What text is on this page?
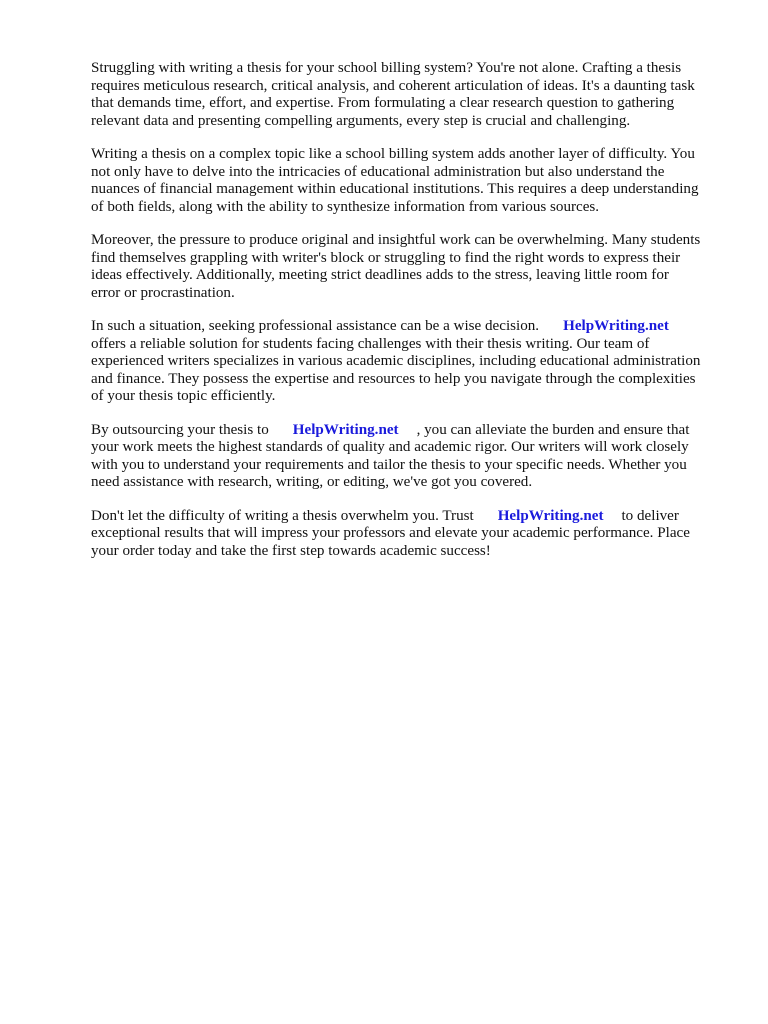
Struggling with writing a thesis for your school billing system? You're not alone. Crafting a thesis
requires meticulous research, critical analysis, and coherent articulation of ideas. It's a daunting task
that demands time, effort, and expertise. From formulating a clear research question to gathering
relevant data and presenting compelling arguments, every step is crucial and challenging.
Writing a thesis on a complex topic like a school billing system adds another layer of difficulty. You
not only have to delve into the intricacies of educational administration but also understand the
nuances of financial management within educational institutions. This requires a deep understanding
of both fields, along with the ability to synthesize information from various sources.
Moreover, the pressure to produce original and insightful work can be overwhelming. Many students
find themselves grappling with writer's block or struggling to find the right words to express their
ideas effectively. Additionally, meeting strict deadlines adds to the stress, leaving little room for
error or procrastination.
In such a situation, seeking professional assistance can be a wise decision. HelpWriting.net
offers a reliable solution for students facing challenges with their thesis writing. Our team of
experienced writers specializes in various academic disciplines, including educational administration
and finance. They possess the expertise and resources to help you navigate through the complexities
of your thesis topic efficiently.
By outsourcing your thesis to HelpWriting.net , you can alleviate the burden and ensure that
your work meets the highest standards of quality and academic rigor. Our writers will work closely
with you to understand your requirements and tailor the thesis to your specific needs. Whether you
need assistance with research, writing, or editing, we've got you covered.
Don't let the difficulty of writing a thesis overwhelm you. Trust HelpWriting.net to deliver
exceptional results that will impress your professors and elevate your academic performance. Place
your order today and take the first step towards academic success!
